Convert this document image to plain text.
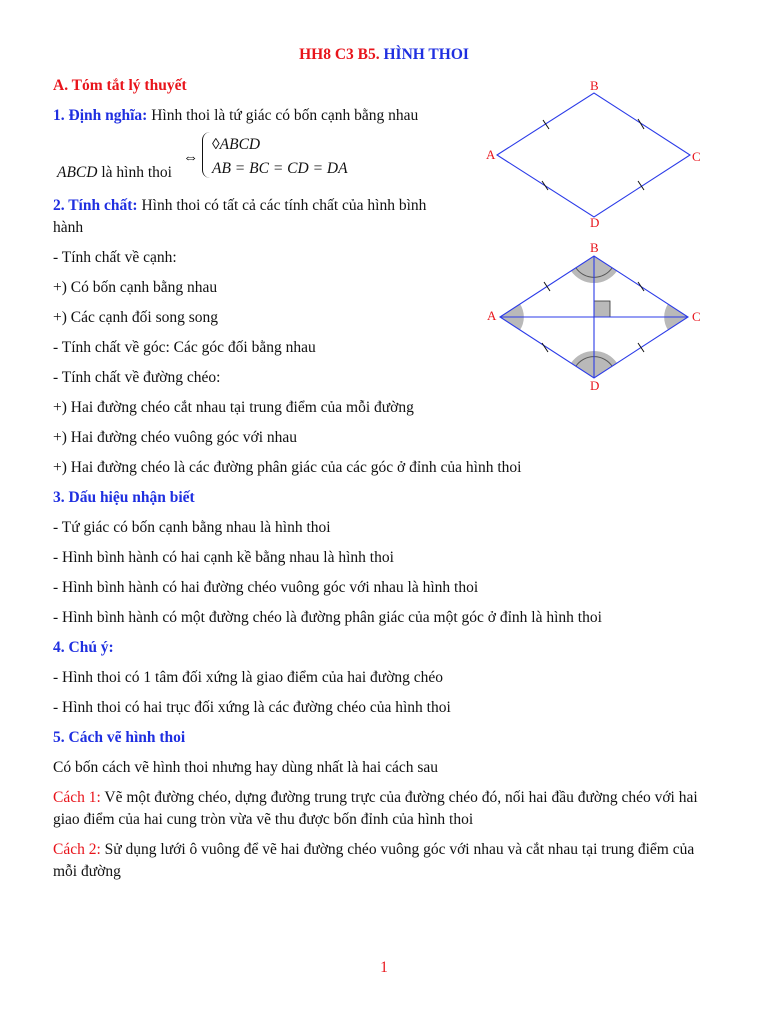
HH8 C3 B5. HÌNH THOI
A. Tóm tắt lý thuyết
1. Định nghĩa: Hình thoi là tứ giác có bốn cạnh bằng nhau
ABCD là hình thoi
⇔
◊ABCD
AB = BC = CD = DA
2. Tính chất: Hình thoi có tất cả các tính chất của hình bình
hành
- Tính chất về cạnh:
+) Có bốn cạnh bằng nhau
+) Các cạnh đối song song
- Tính chất về góc: Các góc đối bằng nhau
- Tính chất về đường chéo:
+) Hai đường chéo cắt nhau tại trung điểm của mỗi đường
+) Hai đường chéo vuông góc với nhau
+) Hai đường chéo là các đường phân giác của các góc ở đỉnh của hình thoi
3. Dấu hiệu nhận biết
- Tứ giác có bốn cạnh bằng nhau là hình thoi
- Hình bình hành có hai cạnh kề bằng nhau là hình thoi
- Hình bình hành có hai đường chéo vuông góc với nhau là hình thoi
- Hình bình hành có một đường chéo là đường phân giác của một góc ở đỉnh là hình thoi
4. Chú ý:
- Hình thoi có 1 tâm đối xứng là giao điểm của hai đường chéo
- Hình thoi có hai trục đối xứng là các đường chéo của hình thoi
5. Cách vẽ hình thoi
Có bốn cách vẽ hình thoi nhưng hay dùng nhất là hai cách sau
Cách 1: Vẽ một đường chéo, dựng đường trung trực của đường chéo đó, nối hai đầu đường chéo với hai giao điểm của hai cung tròn vừa vẽ thu được bốn đỉnh của hình thoi
Cách 2: Sử dụng lưới ô vuông để vẽ hai đường chéo vuông góc với nhau và cắt nhau tại trung điểm của mỗi đường
1
A
B
C
D
A
B
C
D
